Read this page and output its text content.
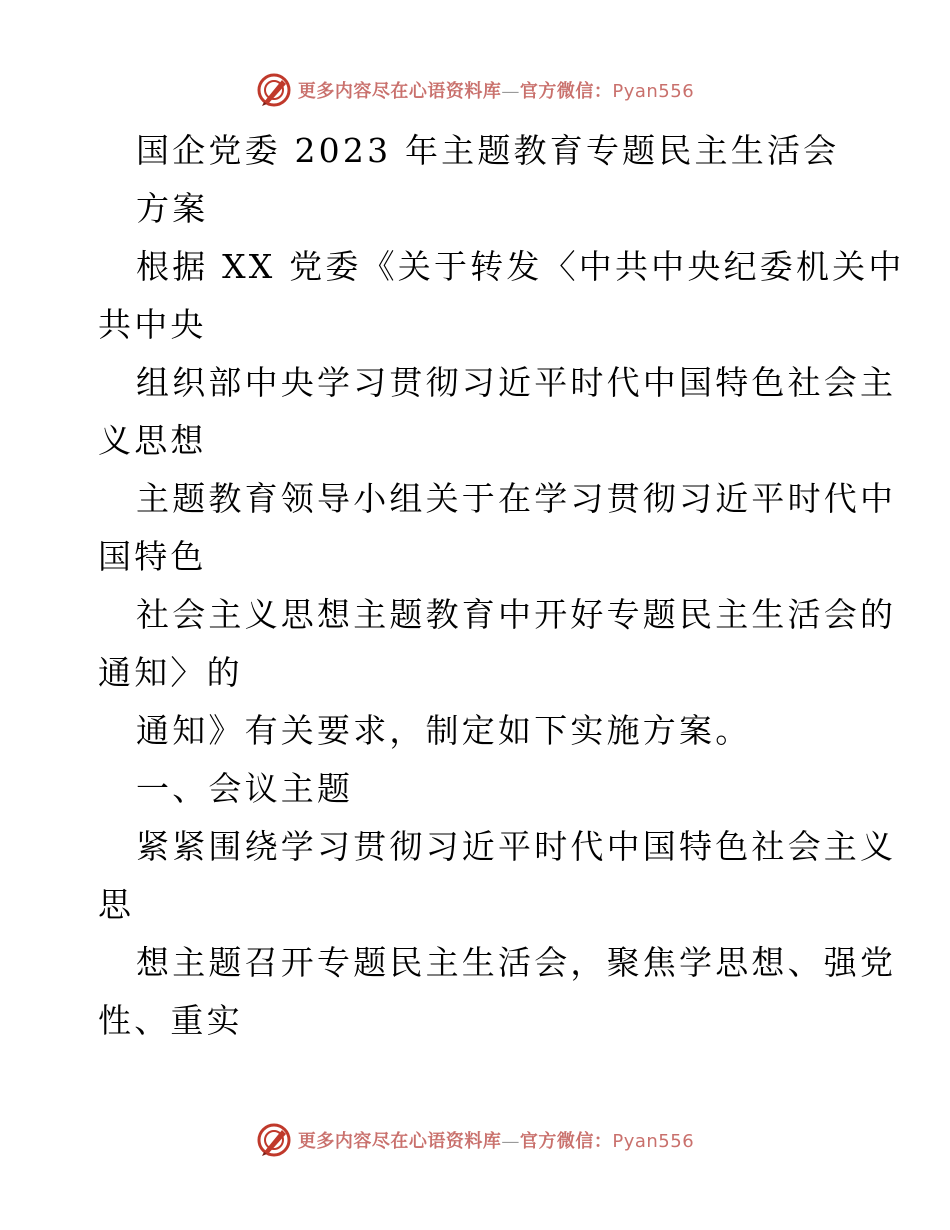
更多内容尽在心语资料库—官方微信：Pyan556
国企党委 2023 年主题教育专题民主生活会
方案
根据 XX 党委《关于转发〈中共中央纪委机关中
共中央
组织部中央学习贯彻习近平时代中国特色社会主
义思想
主题教育领导小组关于在学习贯彻习近平时代中
国特色
社会主义思想主题教育中开好专题民主生活会的
通知〉的
通知》有关要求，制定如下实施方案。
一、会议主题
紧紧围绕学习贯彻习近平时代中国特色社会主义
思
想主题召开专题民主生活会，聚焦学思想、强党
性、重实
更多内容尽在心语资料库—官方微信：Pyan556
